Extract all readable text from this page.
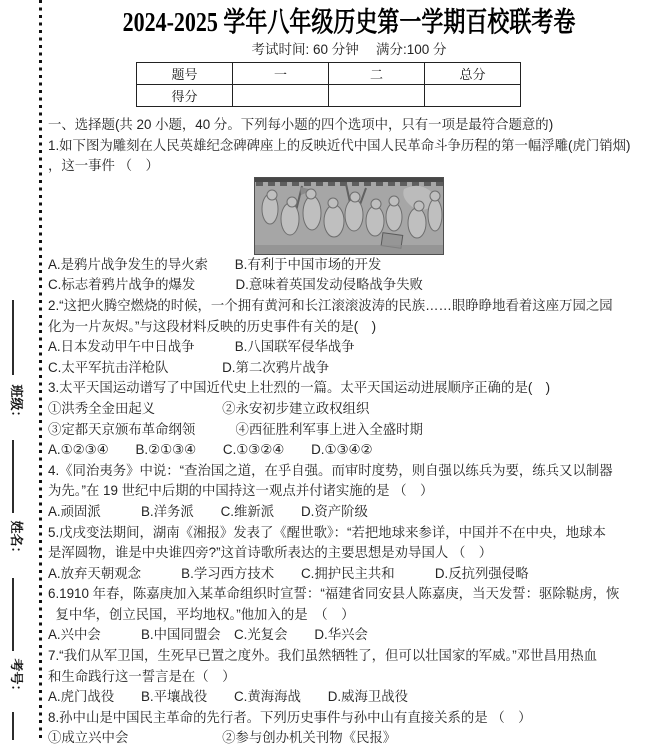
班级：
姓名：
考号：
2024-2025 学年八年级历史第一学期百校联考卷
考试时间: 60 分钟　 满分:100 分
题号	一	二	总分
得分			

一、选择题(共 20 小题，40 分。下列每小题的四个选项中，只有一项是最符合题意的)

1.如下图为雕刻在人民英雄纪念碑碑座上的反映近代中国人民革命斗争历程的第一幅浮雕(虎门销烟)

，这一事件 （　）

A.是鸦片战争发生的导火索　　B.有利于中国市场的开发

C.标志着鸦片战争的爆发　　　D.意味着英国发动侵略战争失败

2.“这把火腾空燃烧的时候，一个拥有黄河和长江滚滚波涛的民族……眼睁睁地看着这座万园之园

化为一片灰烬。”与这段材料反映的历史事件有关的是(　)

A.日本发动甲午中日战争　　　B.八国联军侵华战争

C.太平军抗击洋枪队　　　　D.第二次鸦片战争

3.太平天国运动谱写了中国近代史上壮烈的一篇。太平天国运动进展顺序正确的是(　)

①洪秀全金田起义　　　　　②永安初步建立政权组织

③定都天京颁布革命纲领　　　④西征胜利军事上进入全盛时期

A.①②③④　　B.②①③④　　C.①③②④　　D.①③④②

4.《同治夷务》中说：“查治国之道，在乎自强。而审时度势，则自强以练兵为要，练兵又以制器

为先。”在 19 世纪中后期的中国持这一观点并付诸实施的是 （　）

A.顽固派　　　B.洋务派　　C.维新派　　D.资产阶级

5.戊戌变法期间，湖南《湘报》发表了《醒世歌》：“若把地球来参详，中国并不在中央，地球本

是浑圆物，谁是中央谁四旁?”这首诗歌所表达的主要思想是劝导国人 （　）

A.放弃天朝观念　　　B.学习西方技术　　C.拥护民主共和　　　D.反抗列强侵略

6.1910 年春，陈嘉庚加入某革命组织时宣誓：“福建省同安县人陈嘉庚，当天发誓：驱除鞑虏，恢

复中华，创立民国，平均地权。”他加入的是　（　）

A.兴中会　　　B.中国同盟会　C.光复会　　D.华兴会

7.“我们从军卫国，生死早已置之度外。我们虽然牺牲了，但可以壮国家的军威。”邓世昌用热血

和生命践行这一誓言是在（　）

A.虎门战役　　B.平壤战役　　C.黄海海战　　D.威海卫战役

8.孙中山是中国民主革命的先行者。下列历史事件与孙中山有直接关系的是 （　）

①成立兴中会　　　　　　　②参与创办机关刊物《民报》
